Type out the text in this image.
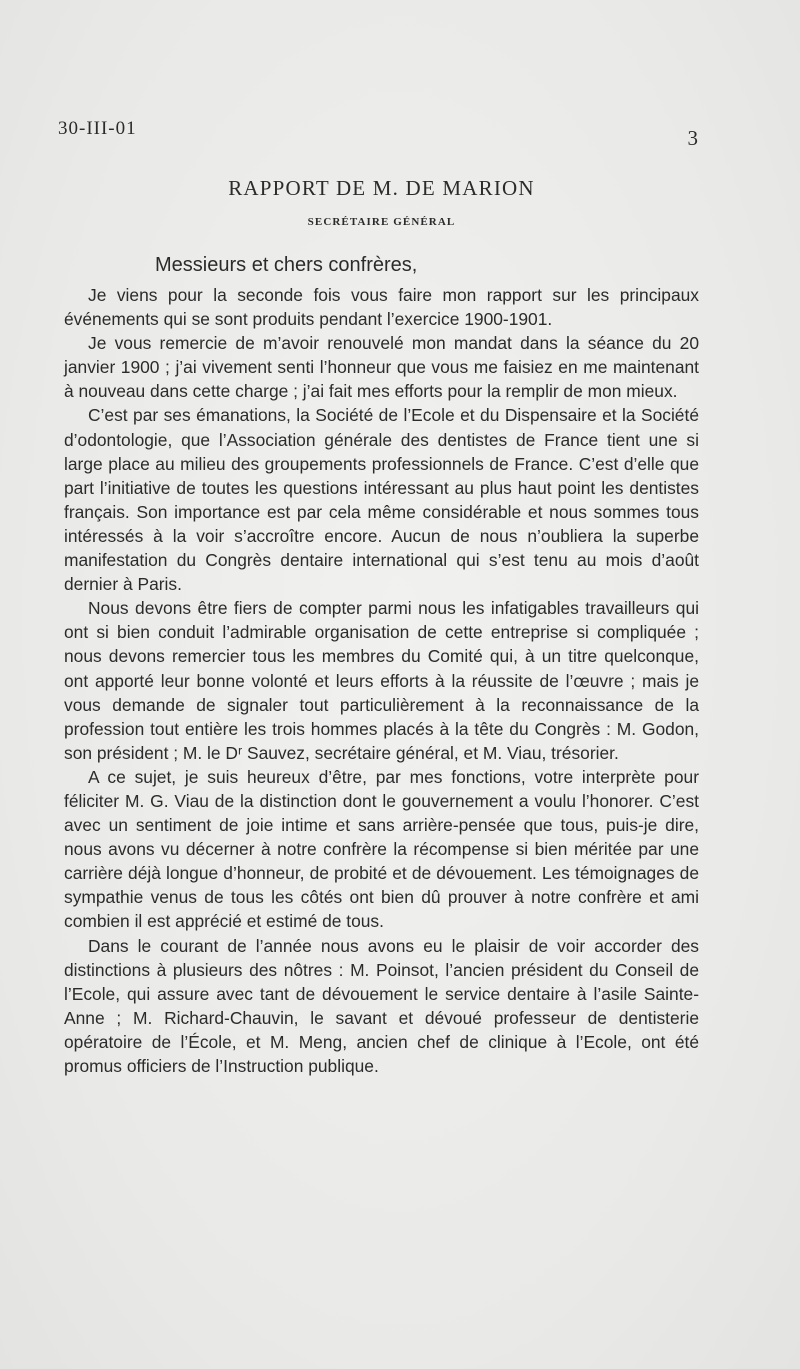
30-III-01	3
RAPPORT DE M. DE MARION
SECRÉTAIRE GÉNÉRAL
Messieurs et chers confrères,

Je viens pour la seconde fois vous faire mon rapport sur les principaux événements qui se sont produits pendant l’exercice 1900-1901.

Je vous remercie de m’avoir renouvelé mon mandat dans la séance du 20 janvier 1900 ; j’ai vivement senti l’honneur que vous me faisiez en me maintenant à nouveau dans cette charge ; j’ai fait mes efforts pour la remplir de mon mieux.

C’est par ses émanations, la Société de l’Ecole et du Dispensaire et la Société d’odontologie, que l’Association générale des dentistes de France tient une si large place au milieu des groupements professionnels de France. C’est d’elle que part l’initiative de toutes les questions intéressant au plus haut point les dentistes français. Son importance est par cela même considérable et nous sommes tous intéressés à la voir s’accroître encore. Aucun de nous n’oubliera la superbe manifestation du Congrès dentaire international qui s’est tenu au mois d’août dernier à Paris.

Nous devons être fiers de compter parmi nous les infatigables travailleurs qui ont si bien conduit l’admirable organisation de cette entreprise si compliquée ; nous devons remercier tous les membres du Comité qui, à un titre quelconque, ont apporté leur bonne volonté et leurs efforts à la réussite de l’œuvre ; mais je vous demande de signaler tout particulièrement à la reconnaissance de la profession tout entière les trois hommes placés à la tête du Congrès : M. Godon, son président ; M. le Dʳ Sauvez, secrétaire général, et M. Viau, trésorier.

A ce sujet, je suis heureux d’être, par mes fonctions, votre interprète pour féliciter M. G. Viau de la distinction dont le gouvernement a voulu l’honorer. C’est avec un sentiment de joie intime et sans arrière-pensée que tous, puis-je dire, nous avons vu décerner à notre confrère la récompense si bien méritée par une carrière déjà longue d’honneur, de probité et de dévouement. Les témoignages de sympathie venus de tous les côtés ont bien dû prouver à notre confrère et ami combien il est apprécié et estimé de tous.

Dans le courant de l’année nous avons eu le plaisir de voir accorder des distinctions à plusieurs des nôtres : M. Poinsot, l’ancien président du Conseil de l’Ecole, qui assure avec tant de dévouement le service dentaire à l’asile Sainte-Anne ; M. Richard-Chauvin, le savant et dévoué professeur de dentisterie opératoire de l’École, et M. Meng, ancien chef de clinique à l’Ecole, ont été promus officiers de l’Instruction publique.
